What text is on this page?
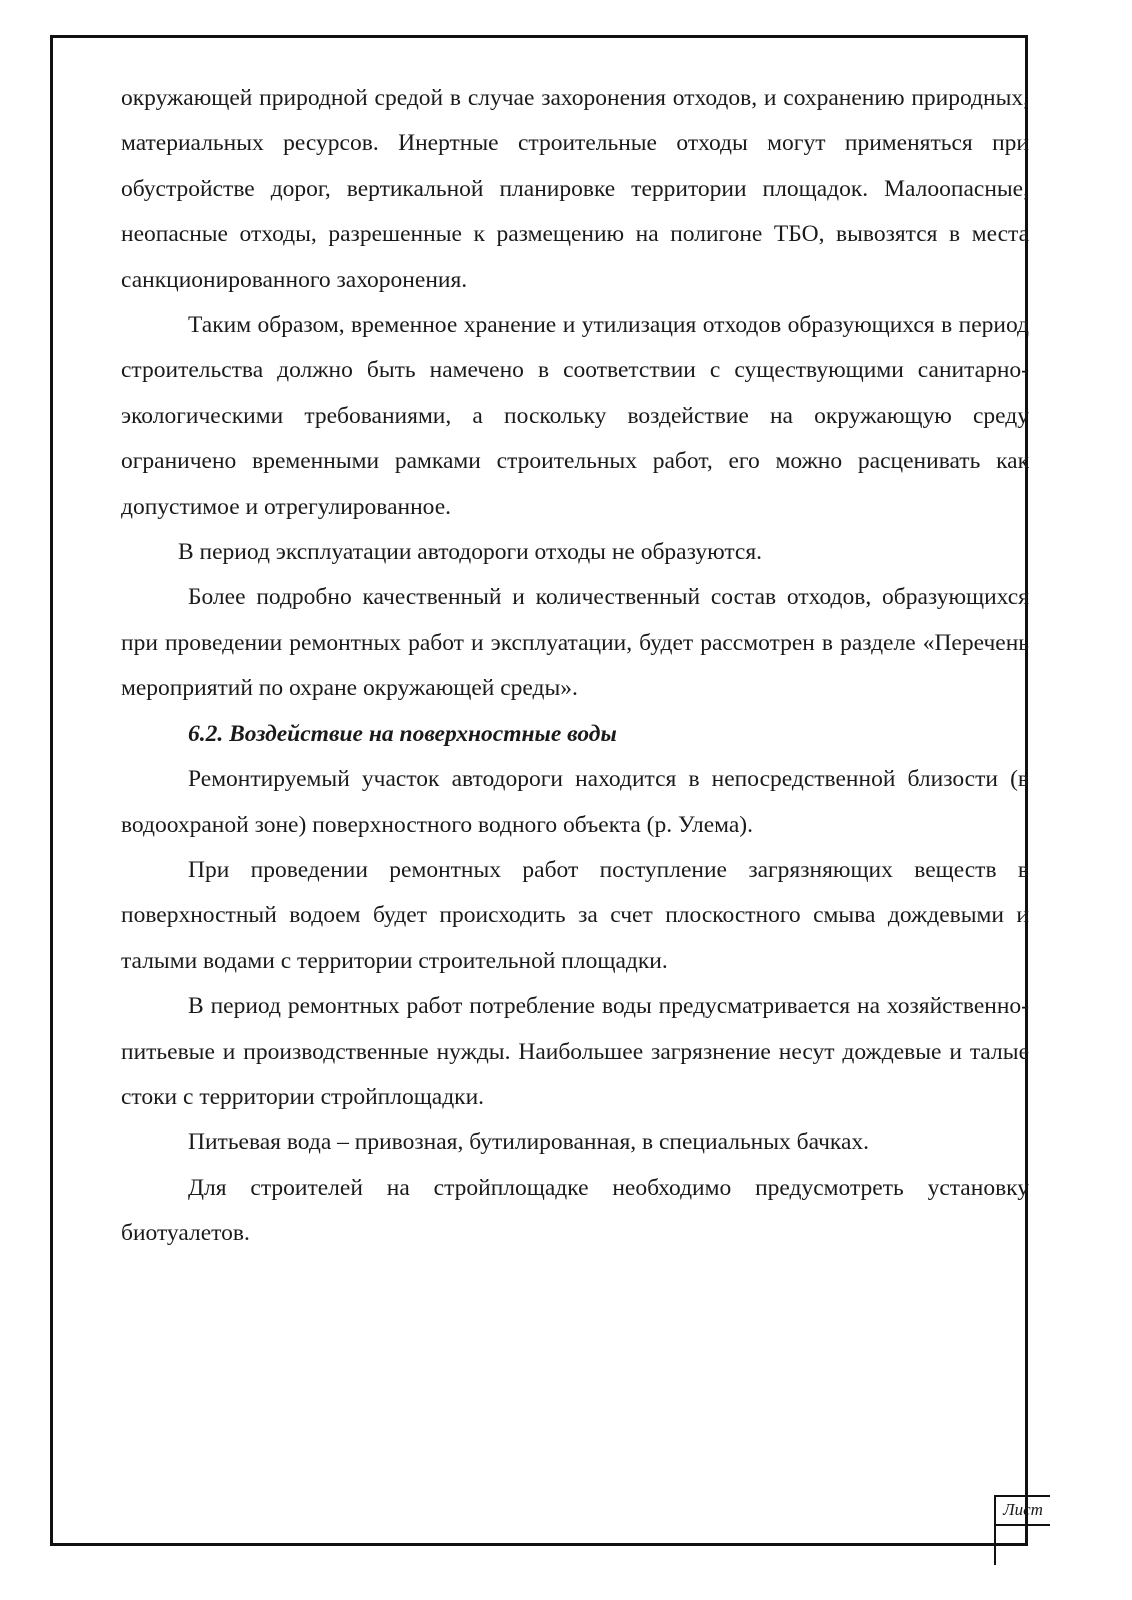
окружающей природной средой в случае захоронения отходов, и сохранению природных, материальных ресурсов. Инертные строительные отходы могут применяться при обустройстве дорог, вертикальной планировке территории площадок. Малоопасные, неопасные отходы, разрешенные к размещению на полигоне ТБО, вывозятся в места санкционированного захоронения.

Таким образом, временное хранение и утилизация отходов образующихся в период строительства должно быть намечено в соответствии с существующими санитарно-экологическими требованиями, а поскольку воздействие на окружающую среду ограничено временными рамками строительных работ, его можно расценивать как допустимое и отрегулированное.

В период эксплуатации автодороги отходы не образуются.

Более подробно качественный и количественный состав отходов, образующихся при проведении ремонтных работ и эксплуатации, будет рассмотрен в разделе «Перечень мероприятий по охране окружающей среды».

6.2. Воздействие на поверхностные воды

Ремонтируемый участок автодороги находится в непосредственной близости (в водоохраной зоне) поверхностного водного объекта (р. Улема).

При проведении ремонтных работ поступление загрязняющих веществ в поверхностный водоем будет происходить за счет плоскостного смыва дождевыми и талыми водами с территории строительной площадки.

В период ремонтных работ потребление воды предусматривается на хозяйственно-питьевые и производственные нужды. Наибольшее загрязнение несут дождевые и талые стоки с территории стройплощадки.

Питьевая вода – привозная, бутилированная, в специальных бачках.

Для строителей на стройплощадке необходимо предусмотреть установку биотуалетов.

Лист
